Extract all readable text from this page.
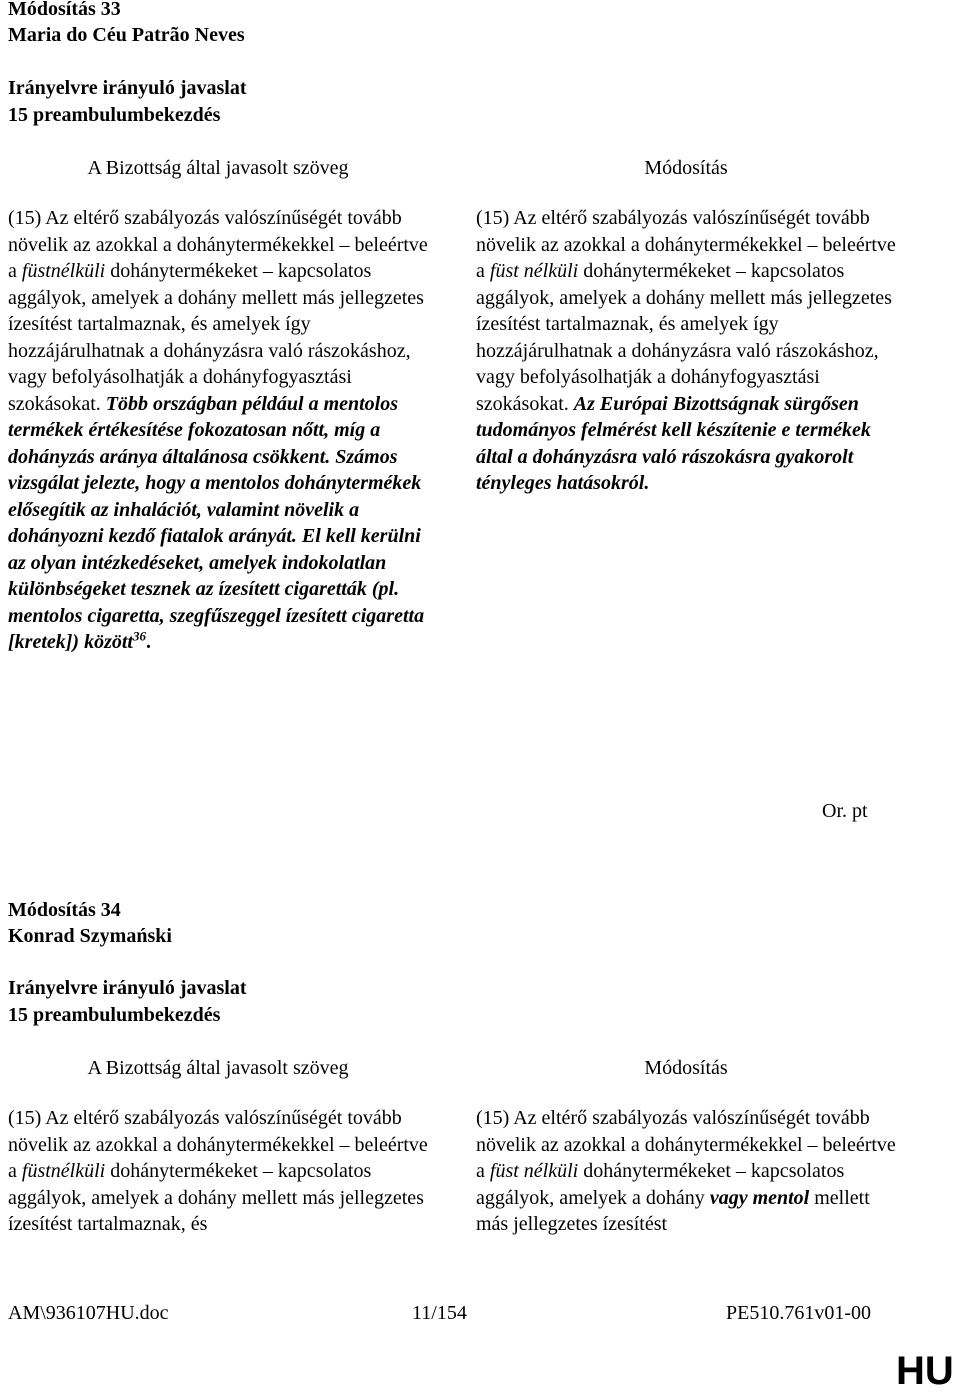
Módosítás 33
Maria do Céu Patrão Neves
Irányelvre irányuló javaslat
15 preambulumbekezdés
A Bizottság által javasolt szöveg	Módosítás
(15) Az eltérő szabályozás valószínűségét tovább növelik az azokkal a dohánytermékekkel – beleértve a füstnélküli dohánytermékeket – kapcsolatos aggályok, amelyek a dohány mellett más jellegzetes ízesítést tartalmaznak, és amelyek így hozzájárulhatnak a dohányzásra való rászokáshoz, vagy befolyásolhatják a dohányfogyasztási szokásokat. Több országban például a mentolos termékek értékesítése fokozatosan nőtt, míg a dohányzás aránya általánosa csökkent. Számos vizsgálat jelezte, hogy a mentolos dohánytermékek elősegítik az inhalációt, valamint növelik a dohányozni kezdő fiatalok arányát. El kell kerülni az olyan intézkedéseket, amelyek indokolatlan különbségeket tesznek az ízesített cigaretták (pl. mentolos cigaretta, szegfűszeggel ízesített cigaretta [kretek]) között$^{36}$.
(15) Az eltérő szabályozás valószínűségét tovább növelik az azokkal a dohánytermékekkel – beleértve a füst nélküli dohánytermékeket – kapcsolatos aggályok, amelyek a dohány mellett más jellegzetes ízesítést tartalmaznak, és amelyek így hozzájárulhatnak a dohányzásra való rászokáshoz, vagy befolyásolhatják a dohányfogyasztási szokásokat. Az Európai Bizottságnak sürgősen tudományos felmérést kell készítenie e termékek által a dohányzásra való rászokásra gyakorolt tényleges hatásokról.
Or. pt
Módosítás 34
Konrad Szymański
Irányelvre irányuló javaslat
15 preambulumbekezdés
A Bizottság által javasolt szöveg	Módosítás
(15) Az eltérő szabályozás valószínűségét tovább növelik az azokkal a dohánytermékekkel – beleértve a füstnélküli dohánytermékeket – kapcsolatos aggályok, amelyek a dohány mellett más jellegzetes ízesítést tartalmaznak, és
(15) Az eltérő szabályozás valószínűségét tovább növelik az azokkal a dohánytermékekkel – beleértve a füst nélküli dohánytermékeket – kapcsolatos aggályok, amelyek a dohány vagy mentol mellett más jellegzetes ízesítést
AM\936107HU.doc	11/154	PE510.761v01-00
HU
